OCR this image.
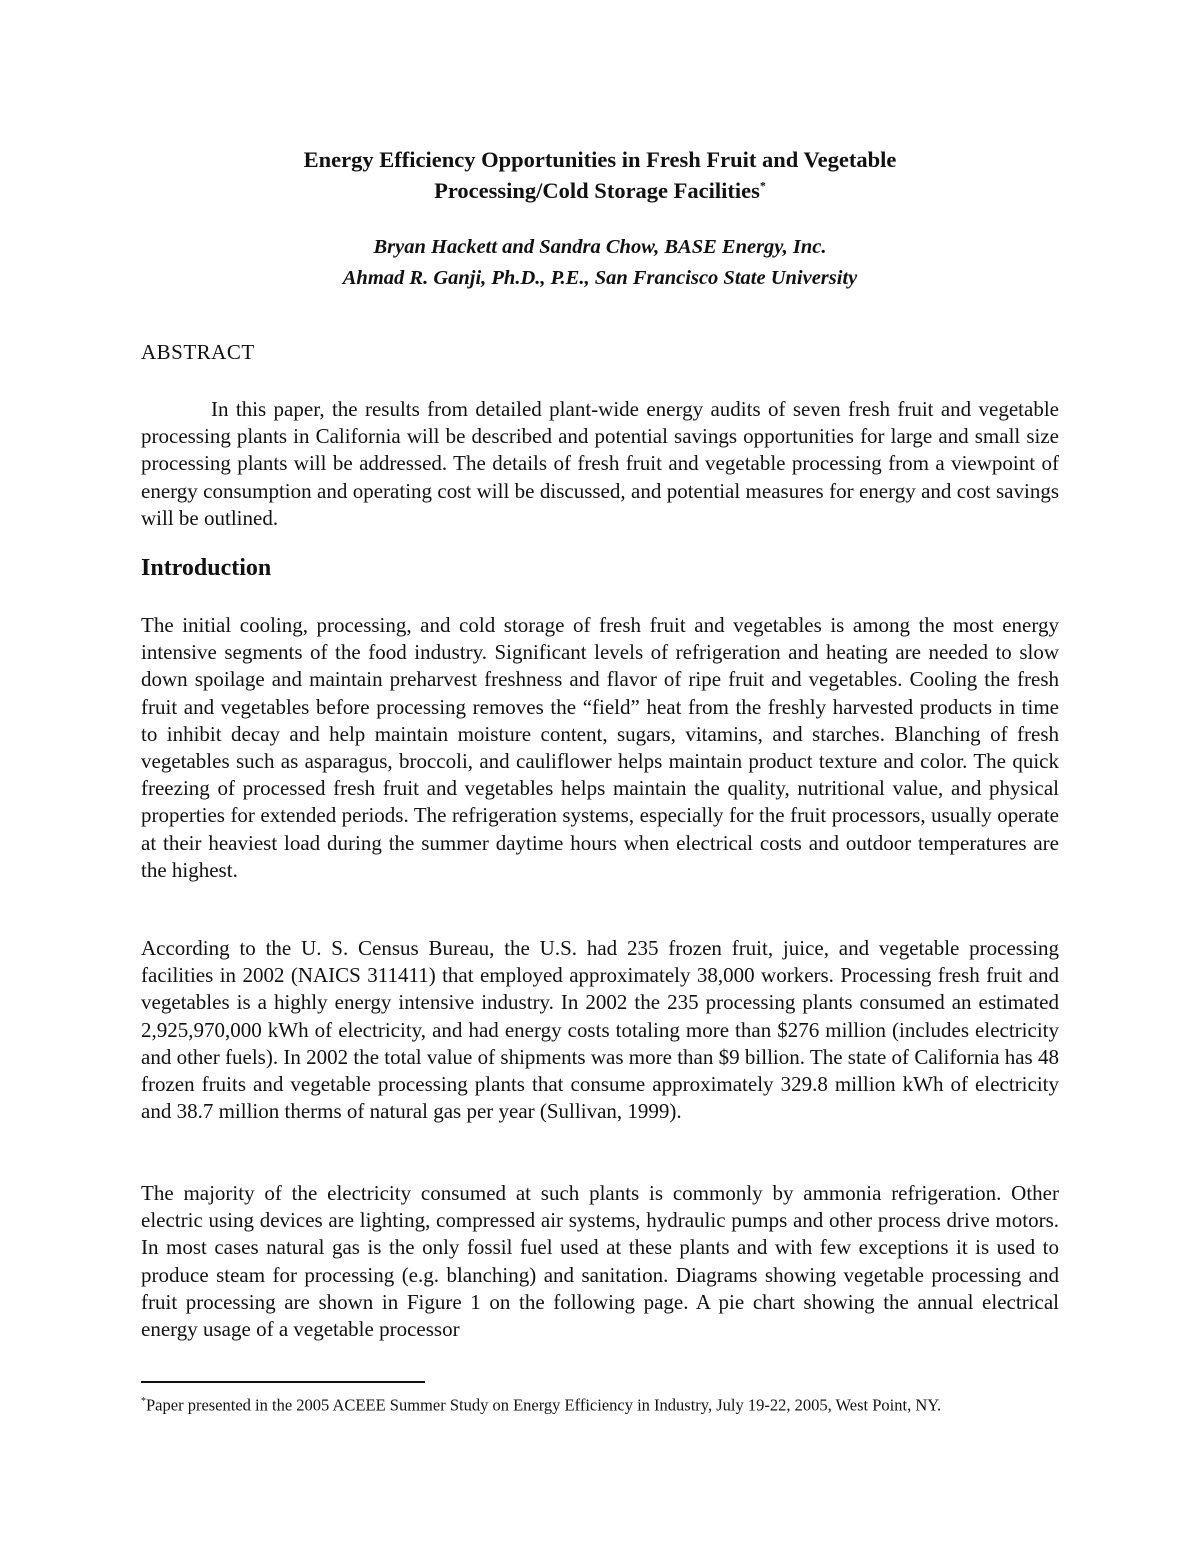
Energy Efficiency Opportunities in Fresh Fruit and Vegetable
Processing/Cold Storage Facilities*
Bryan Hackett and Sandra Chow, BASE Energy, Inc.
Ahmad R. Ganji, Ph.D., P.E., San Francisco State University
ABSTRACT
In this paper, the results from detailed plant-wide energy audits of seven fresh fruit and vegetable processing plants in California will be described and potential savings opportunities for large and small size processing plants will be addressed. The details of fresh fruit and vegetable processing from a viewpoint of energy consumption and operating cost will be discussed, and potential measures for energy and cost savings will be outlined.
Introduction
The initial cooling, processing, and cold storage of fresh fruit and vegetables is among the most energy intensive segments of the food industry. Significant levels of refrigeration and heating are needed to slow down spoilage and maintain preharvest freshness and flavor of ripe fruit and vegetables. Cooling the fresh fruit and vegetables before processing removes the “field” heat from the freshly harvested products in time to inhibit decay and help maintain moisture content, sugars, vitamins, and starches. Blanching of fresh vegetables such as asparagus, broccoli, and cauliflower helps maintain product texture and color. The quick freezing of processed fresh fruit and vegetables helps maintain the quality, nutritional value, and physical properties for extended periods. The refrigeration systems, especially for the fruit processors, usually operate at their heaviest load during the summer daytime hours when electrical costs and outdoor temperatures are the highest.
According to the U. S. Census Bureau, the U.S. had 235 frozen fruit, juice, and vegetable processing facilities in 2002 (NAICS 311411) that employed approximately 38,000 workers. Processing fresh fruit and vegetables is a highly energy intensive industry. In 2002 the 235 processing plants consumed an estimated 2,925,970,000 kWh of electricity, and had energy costs totaling more than $276 million (includes electricity and other fuels). In 2002 the total value of shipments was more than $9 billion. The state of California has 48 frozen fruits and vegetable processing plants that consume approximately 329.8 million kWh of electricity and 38.7 million therms of natural gas per year (Sullivan, 1999).
The majority of the electricity consumed at such plants is commonly by ammonia refrigeration. Other electric using devices are lighting, compressed air systems, hydraulic pumps and other process drive motors. In most cases natural gas is the only fossil fuel used at these plants and with few exceptions it is used to produce steam for processing (e.g. blanching) and sanitation. Diagrams showing vegetable processing and fruit processing are shown in Figure 1 on the following page. A pie chart showing the annual electrical energy usage of a vegetable processor
*Paper presented in the 2005 ACEEE Summer Study on Energy Efficiency in Industry, July 19-22, 2005, West Point, NY.
